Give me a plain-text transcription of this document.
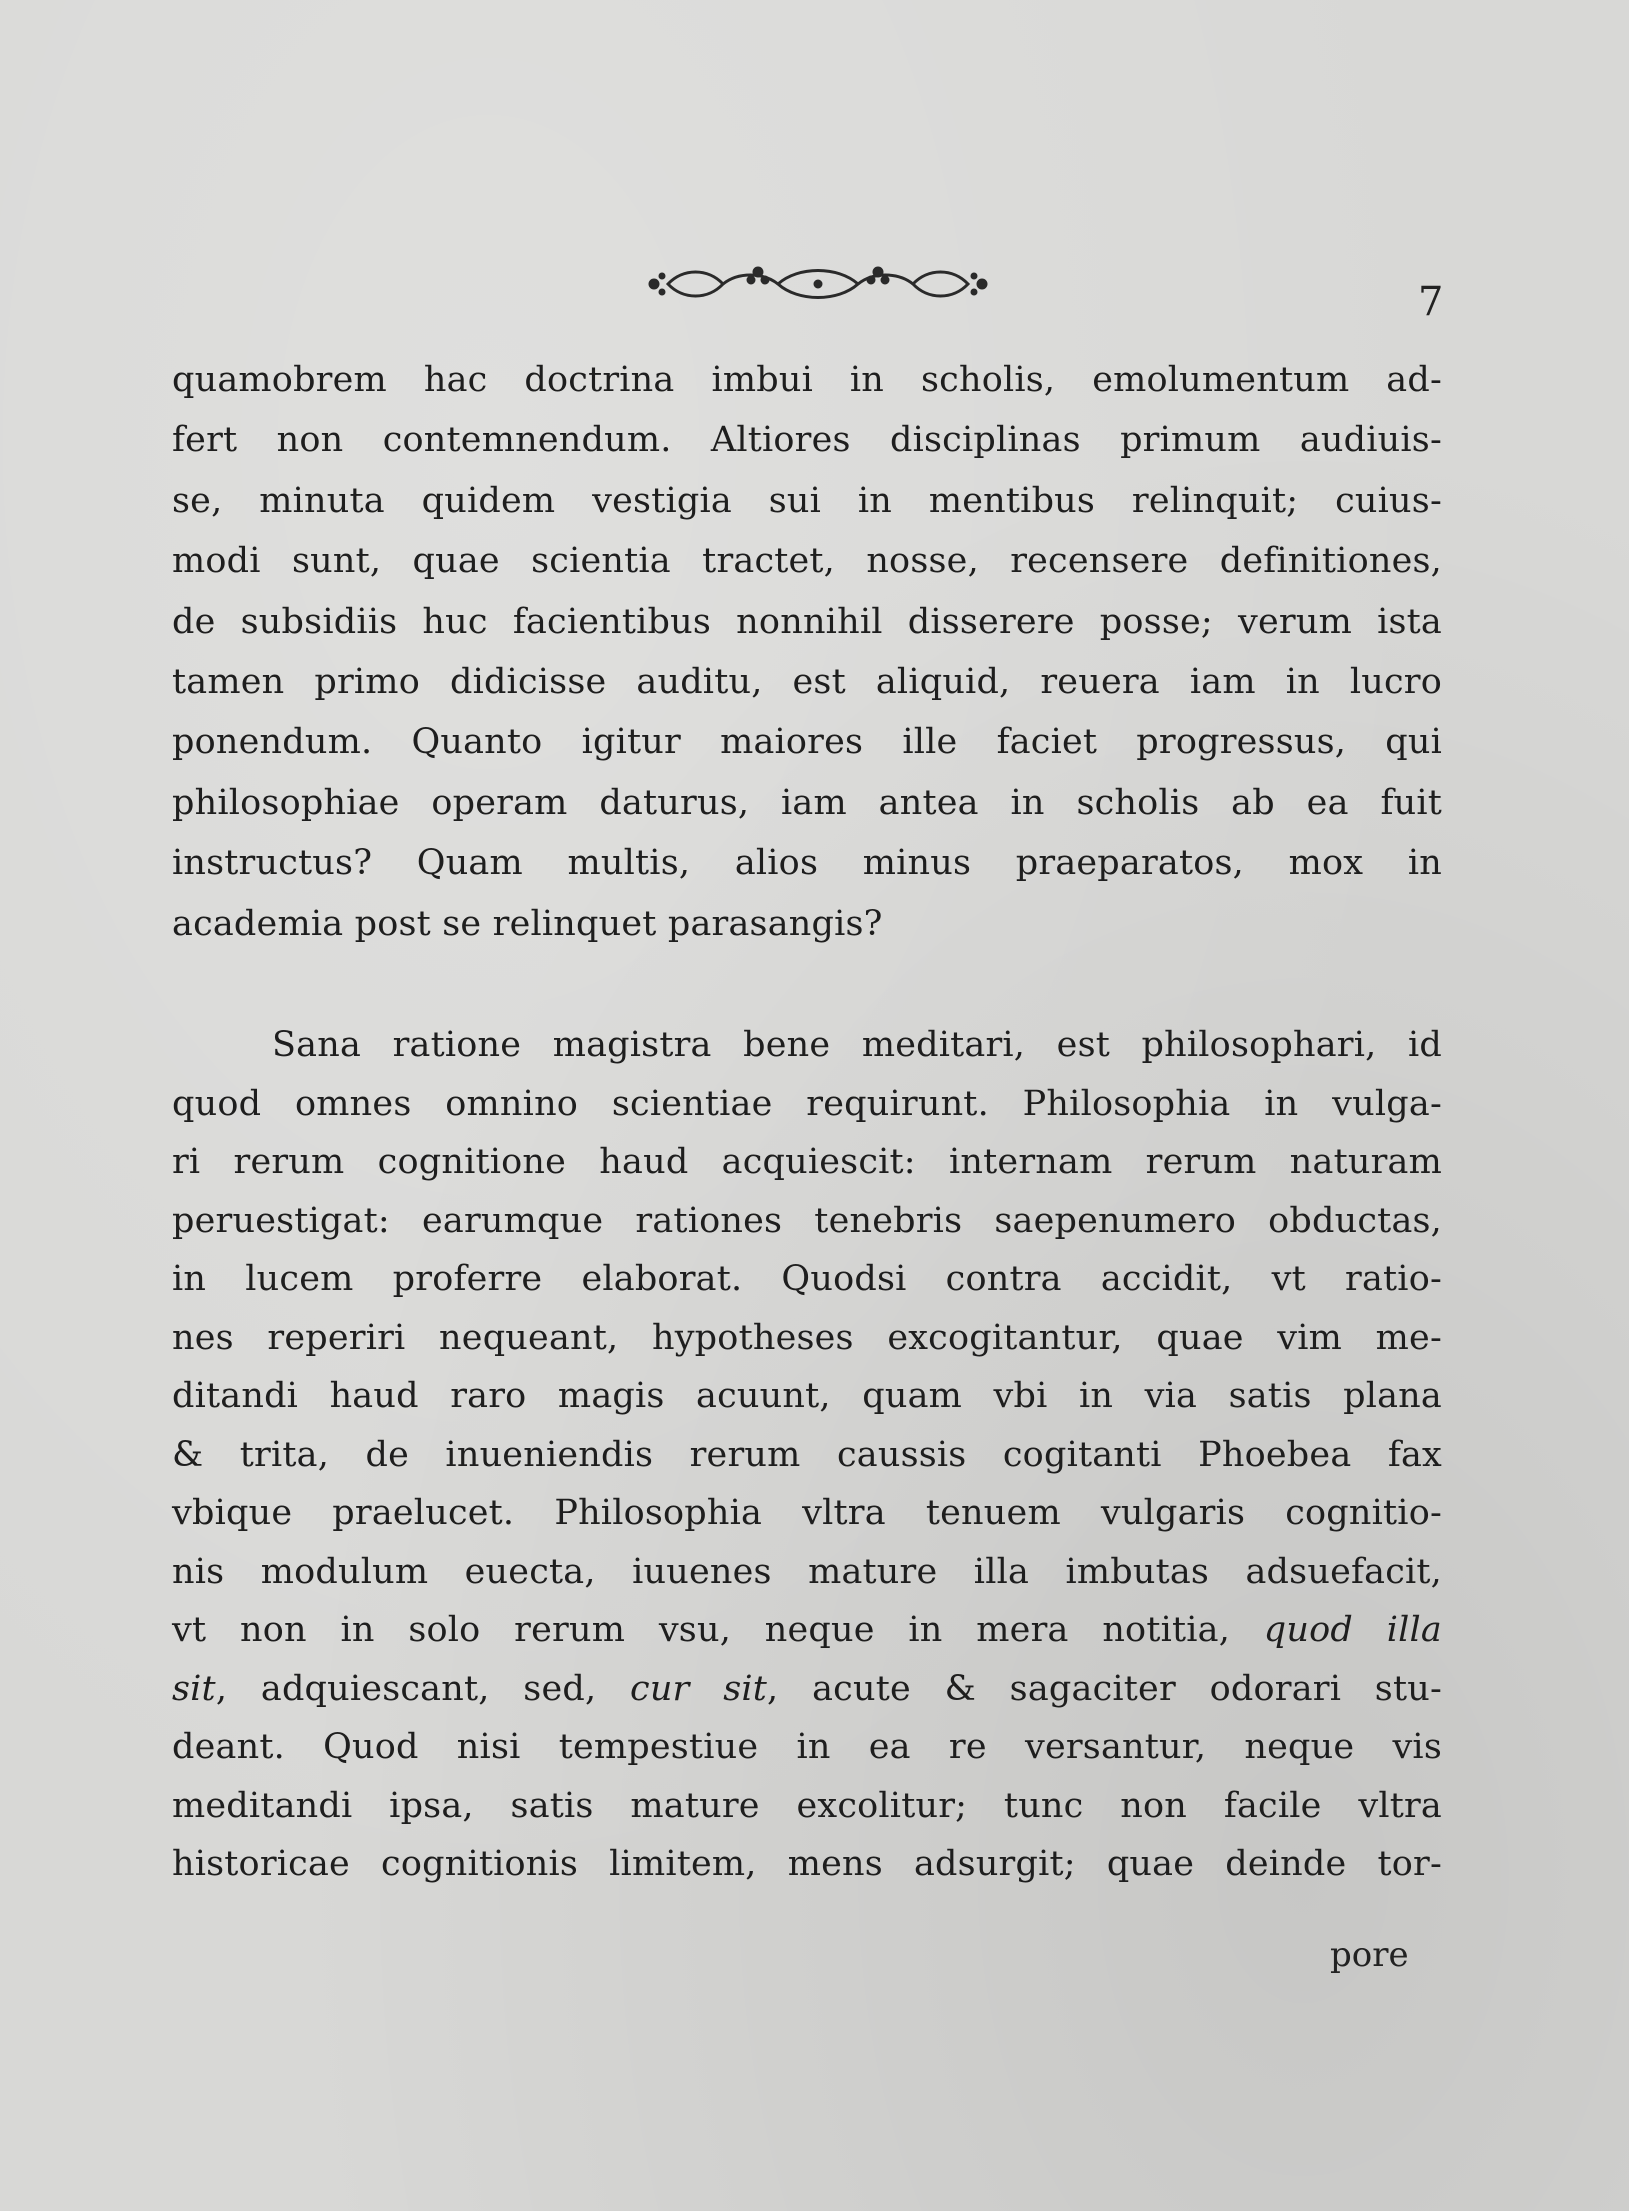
7
quamobrem hac doctrina imbui in scholis, emolumentum ad-
fert non contemnendum. Altiores disciplinas primum audiuis-
se, minuta quidem vestigia sui in mentibus relinquit; cuius-
modi sunt, quae scientia tractet, nosse, recensere definitiones,
de subsidiis huc facientibus nonnihil disserere posse; verum ista
tamen primo didicisse auditu, est aliquid, reuera iam in lucro
ponendum. Quanto igitur maiores ille faciet progressus, qui
philosophiae operam daturus, iam antea in scholis ab ea fuit
instructus? Quam multis, alios minus praeparatos, mox in
academia post se relinquet parasangis?
Sana ratione magistra bene meditari, est philosophari, id
quod omnes omnino scientiae requirunt. Philosophia in vulga-
ri rerum cognitione haud acquiescit: internam rerum naturam
peruestigat: earumque rationes tenebris saepenumero obductas,
in lucem proferre elaborat. Quodsi contra accidit, vt ratio-
nes reperiri nequeant, hypotheses excogitantur, quae vim me-
ditandi haud raro magis acuunt, quam vbi in via satis plana
& trita, de inueniendis rerum caussis cogitanti Phoebea fax
vbique praelucet. Philosophia vltra tenuem vulgaris cognitio-
nis modulum euecta, iuuenes mature illa imbutas adsuefacit,
vt non in solo rerum vsu, neque in mera notitia, quod illa
sit, adquiescant, sed, cur sit, acute & sagaciter odorari stu-
deant. Quod nisi tempestiue in ea re versantur, neque vis
meditandi ipsa, satis mature excolitur; tunc non facile vltra
historicae cognitionis limitem, mens adsurgit; quae deinde tor-
pore
